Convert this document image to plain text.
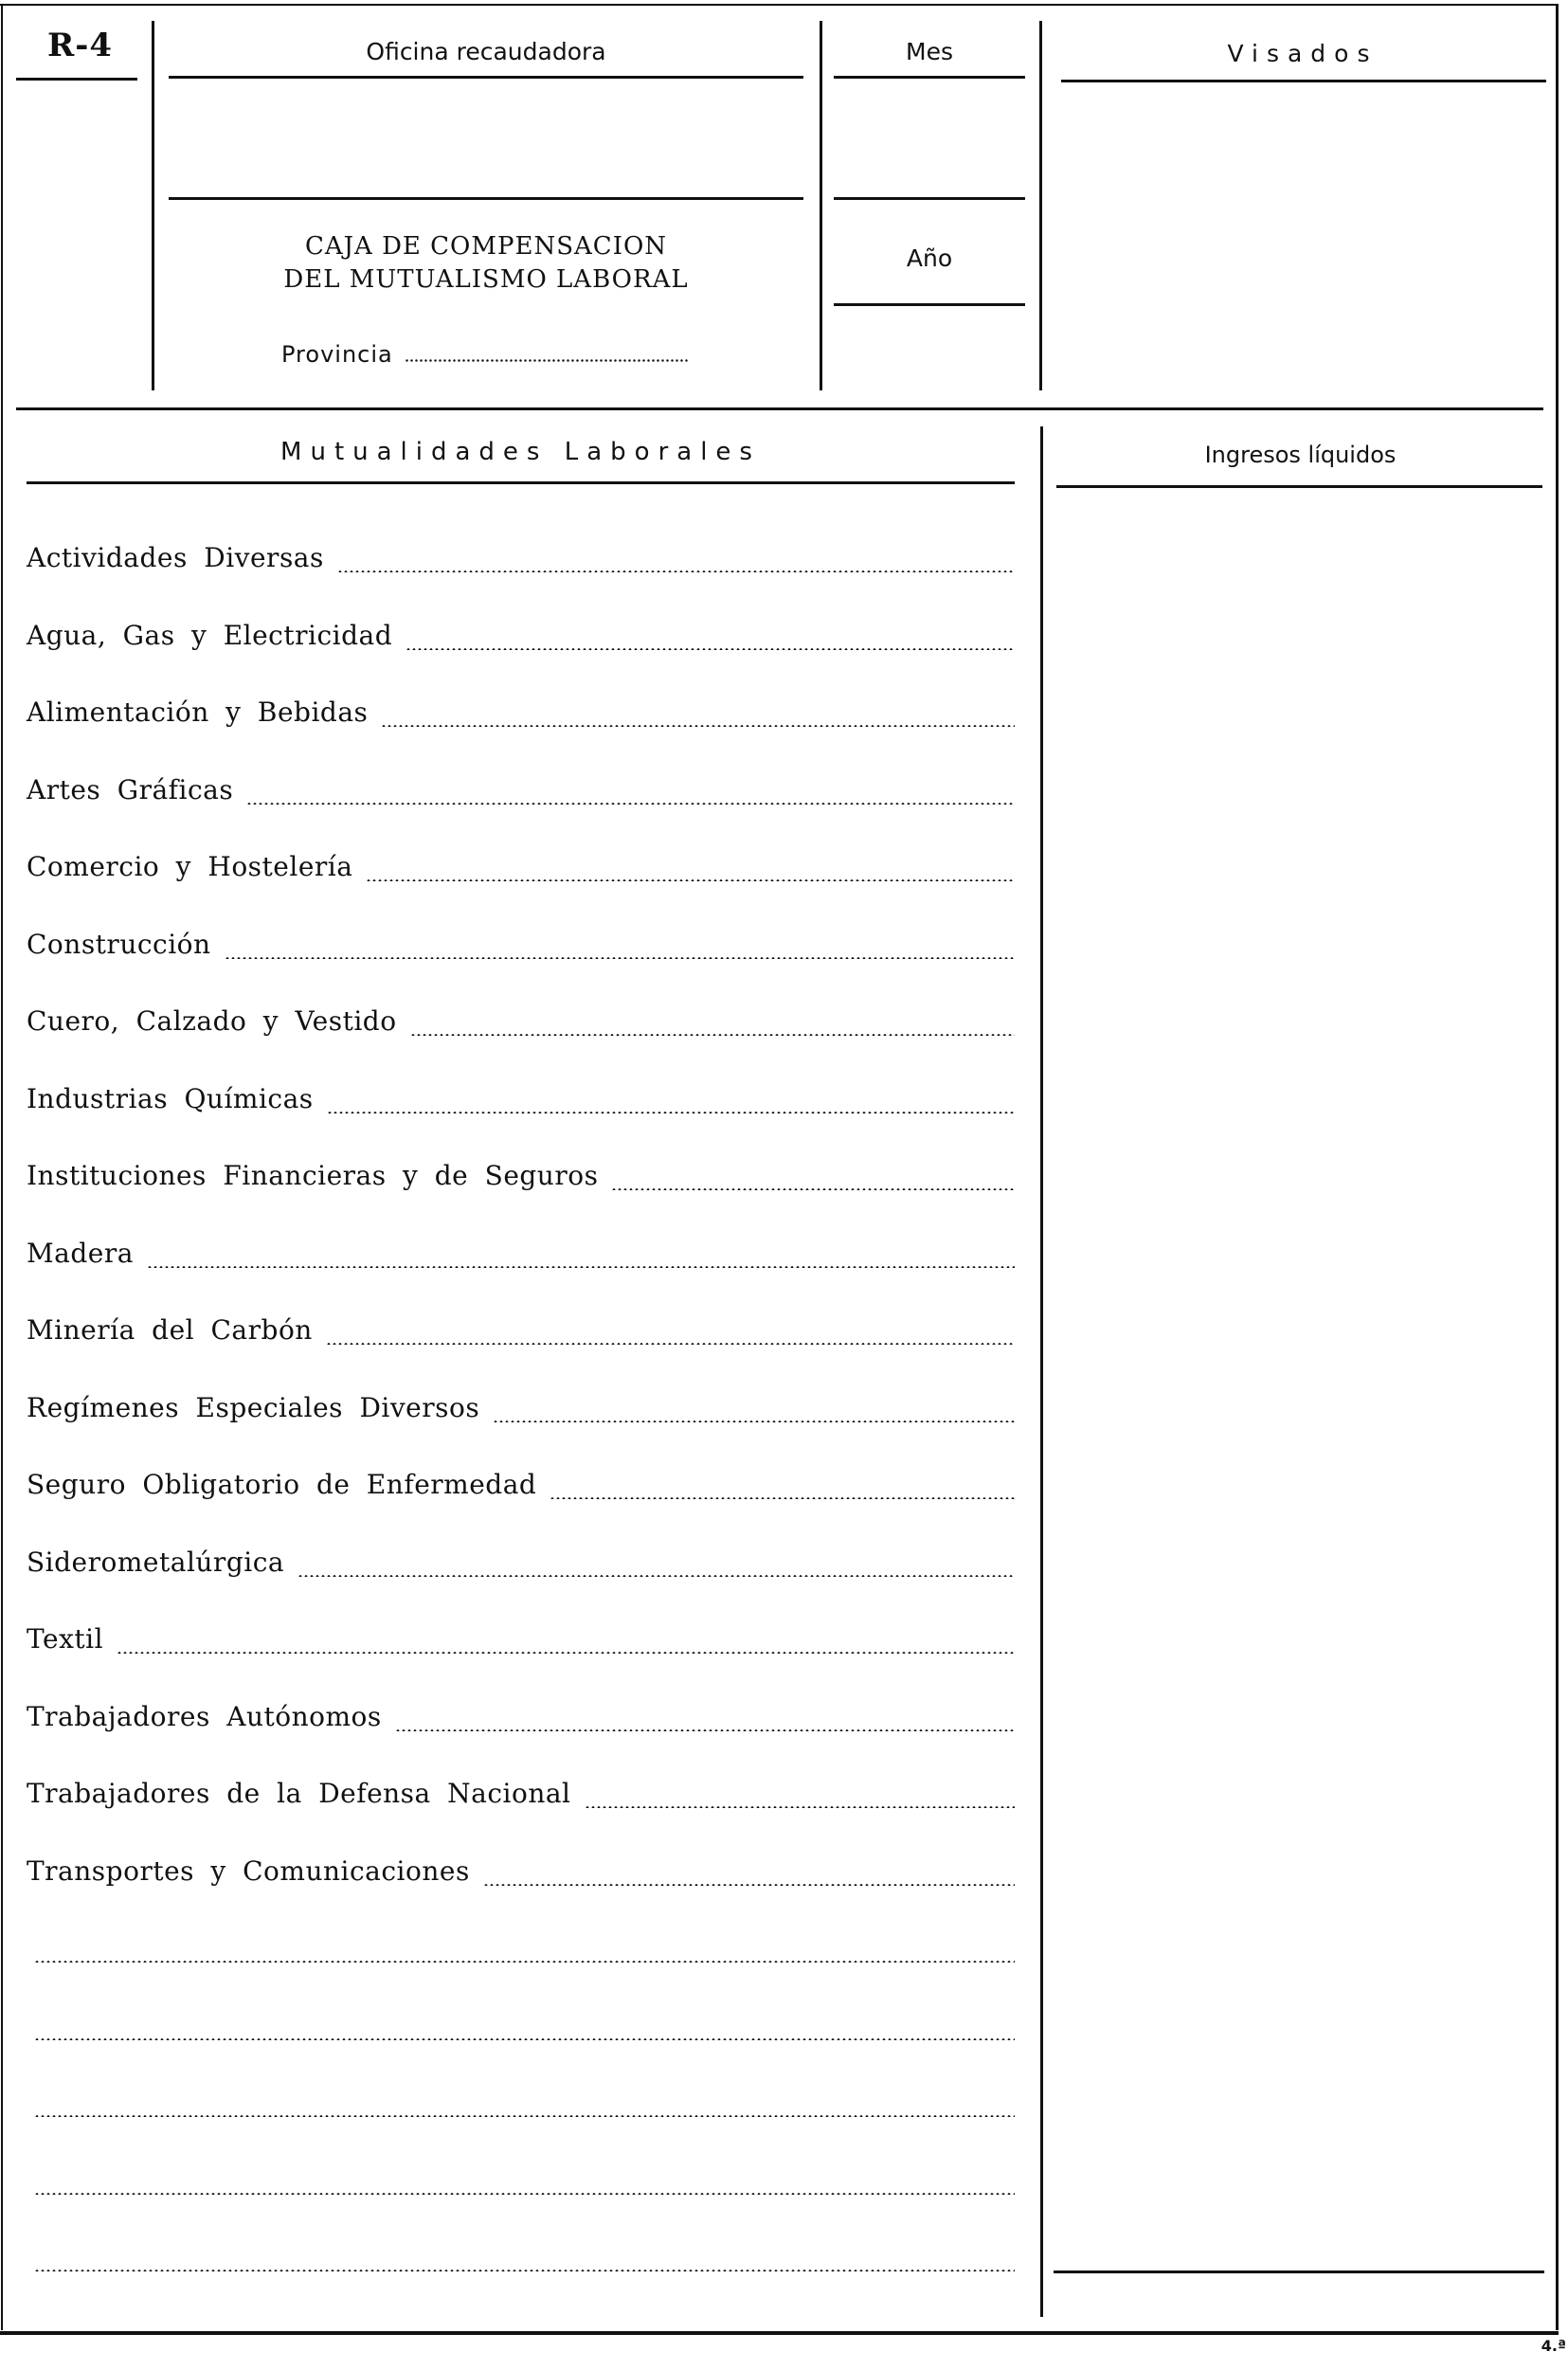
R-4	Oficina recaudadora
CAJA DE COMPENSACION
DEL MUTUALISMO LABORAL
Provincia
Mes
Año
Visados
Mutualidades Laborales	Ingresos líquidos
Actividades Diversas
Agua, Gas y Electricidad
Alimentación y Bebidas
Artes Gráficas
Comercio y Hostelería
Construcción
Cuero, Calzado y Vestido
Industrias Químicas
Instituciones Financieras y de Seguros
Madera
Minería del Carbón
Regímenes Especiales Diversos
Seguro Obligatorio de Enfermedad
Siderometalúrgica
Textil
Trabajadores Autónomos
Trabajadores de la Defensa Nacional
Transportes y Comunicaciones
4.ª
